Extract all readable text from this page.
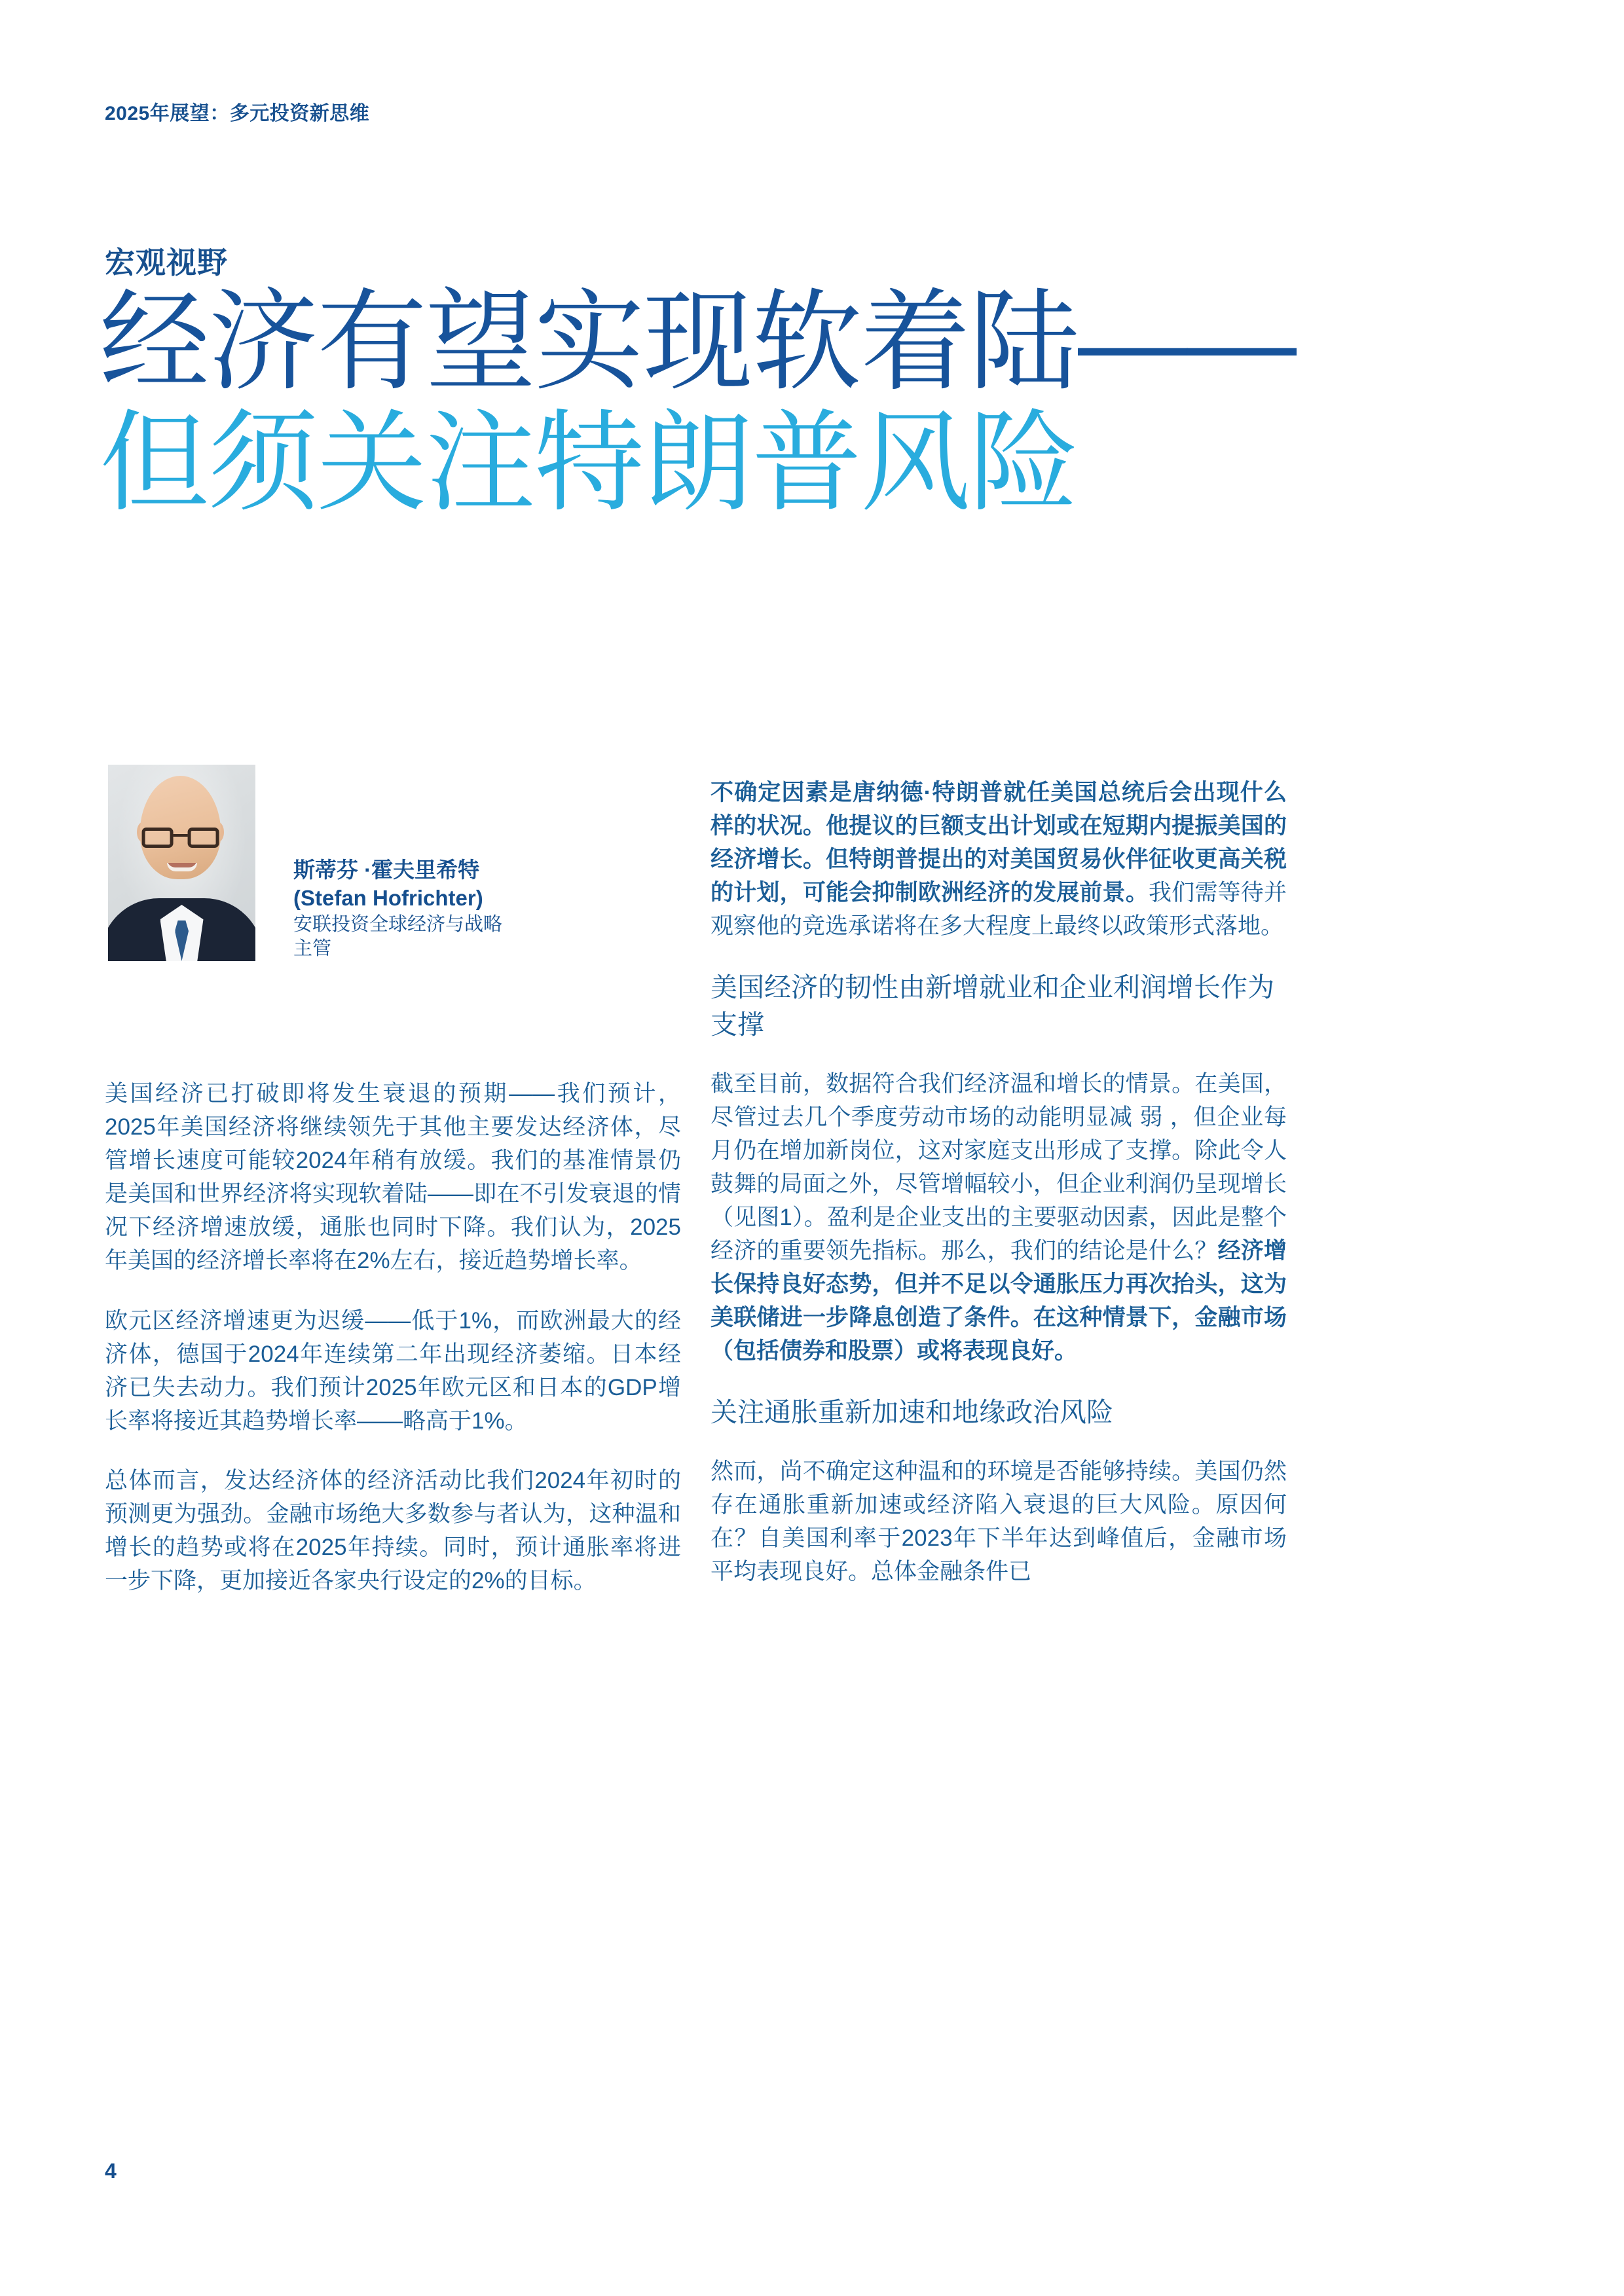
2025年展望：多元投资新思维
宏观视野
经济有望实现软着陆——
但须关注特朗普风险
斯蒂芬 ·霍夫里希特
(Stefan Hofrichter)
安联投资全球经济与战略主管

美国经济已打破即将发生衰退的预期——我们预计，2025年美国经济将继续领先于其他主要发达经济体，尽管增长速度可能较2024年稍有放缓。我们的基准情景仍是美国和世界经济将实现软着陆——即在不引发衰退的情况下经济增速放缓，通胀也同时下降。我们认为，2025年美国的经济增长率将在2%左右，接近趋势增长率。

欧元区经济增速更为迟缓——低于1%，而欧洲最大的经济体，德国于2024年连续第二年出现经济萎缩。日本经济已失去动力。我们预计2025年欧元区和日本的GDP增长率将接近其趋势增长率——略高于1%。

总体而言，发达经济体的经济活动比我们2024年初时的预测更为强劲。金融市场绝大多数参与者认为，这种温和增长的趋势或将在2025年持续。同时，预计通胀率将进一步下降，更加接近各家央行设定的2%的目标。

不确定因素是唐纳德·特朗普就任美国总统后会出现什么样的状况。他提议的巨额支出计划或在短期内提振美国的经济增长。但特朗普提出的对美国贸易伙伴征收更高关税的计划，可能会抑制欧洲经济的发展前景。我们需等待并观察他的竞选承诺将在多大程度上最终以政策形式落地。

美国经济的韧性由新增就业和企业利润增长作为支撑

截至目前，数据符合我们经济温和增长的情景。在美国，尽管过去几个季度劳动市场的动能明显减 弱 ，但企业每月仍在增加新岗位，这对家庭支出形成了支撑。除此令人鼓舞的局面之外，尽管增幅较小，但企业利润仍呈现增长（见图1）。盈利是企业支出的主要驱动因素，因此是整个经济的重要领先指标。那么，我们的结论是什么？经济增长保持良好态势，但并不足以令通胀压力再次抬头，这为美联储进一步降息创造了条件。在这种情景下，金融市场（包括债券和股票）或将表现良好。

关注通胀重新加速和地缘政治风险

然而，尚不确定这种温和的环境是否能够持续。美国仍然存在通胀重新加速或经济陷入衰退的巨大风险。原因何在？自美国利率于2023年下半年达到峰值后，金融市场平均表现良好。总体金融条件已

4
